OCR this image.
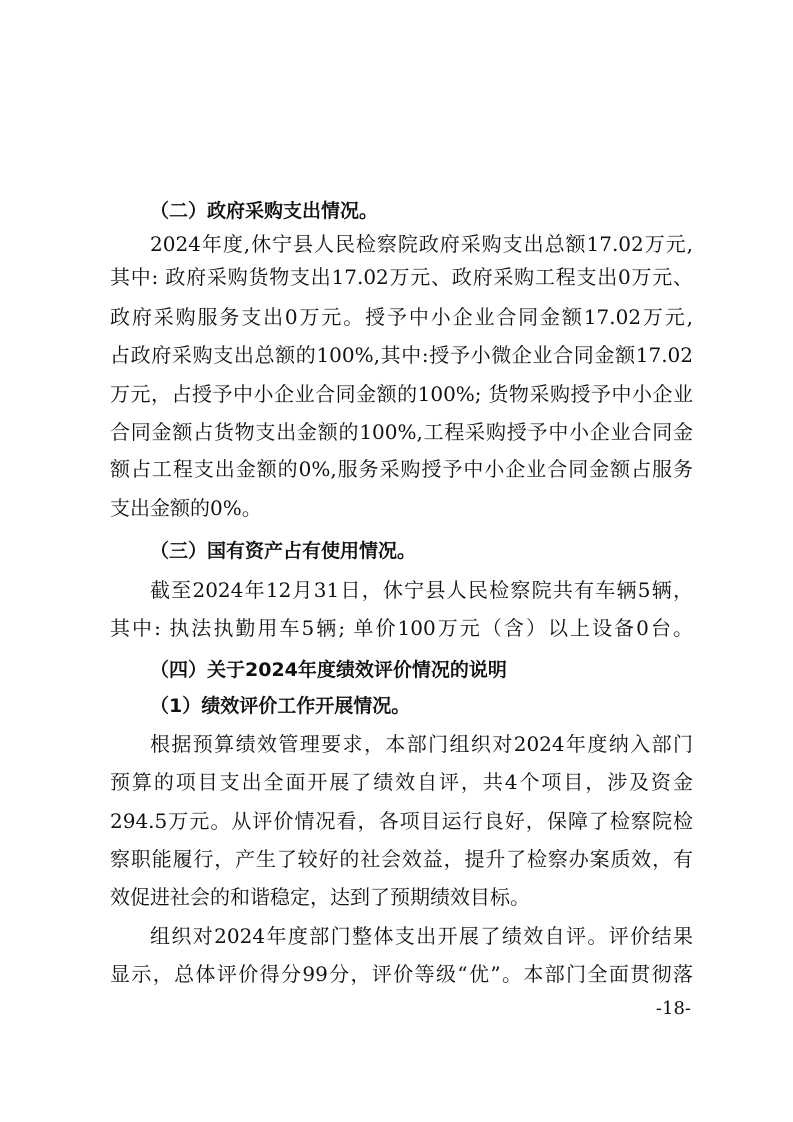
（二）政府采购支出情况。
2024年度,休宁县人民检察院政府采购支出总额17.02万元,
其中: 政府采购货物支出17.02万元、政府采购工程支出0万元、
政府采购服务支出0万元。授予中小企业合同金额17.02万元,
占政府采购支出总额的100%,其中:授予小微企业合同金额17.02
万元，占授予中小企业合同金额的100%; 货物采购授予中小企业
合同金额占货物支出金额的100%,工程采购授予中小企业合同金
额占工程支出金额的0%,服务采购授予中小企业合同金额占服务
支出金额的0%。
（三）国有资产占有使用情况。
截至2024年12月31日，休宁县人民检察院共有车辆5辆，
其中: 执法执勤用车5辆; 单价100万元（含）以上设备0台。
（四）关于2024年度绩效评价情况的说明
（1）绩效评价工作开展情况。
根据预算绩效管理要求，本部门组织对2024年度纳入部门
预算的项目支出全面开展了绩效自评，共4个项目，涉及资金
294.5万元。从评价情况看，各项目运行良好，保障了检察院检
察职能履行，产生了较好的社会效益，提升了检察办案质效，有
效促进社会的和谐稳定，达到了预期绩效目标。
组织对2024年度部门整体支出开展了绩效自评。评价结果
显示，总体评价得分99分，评价等级“优”。本部门全面贯彻落
-18-
